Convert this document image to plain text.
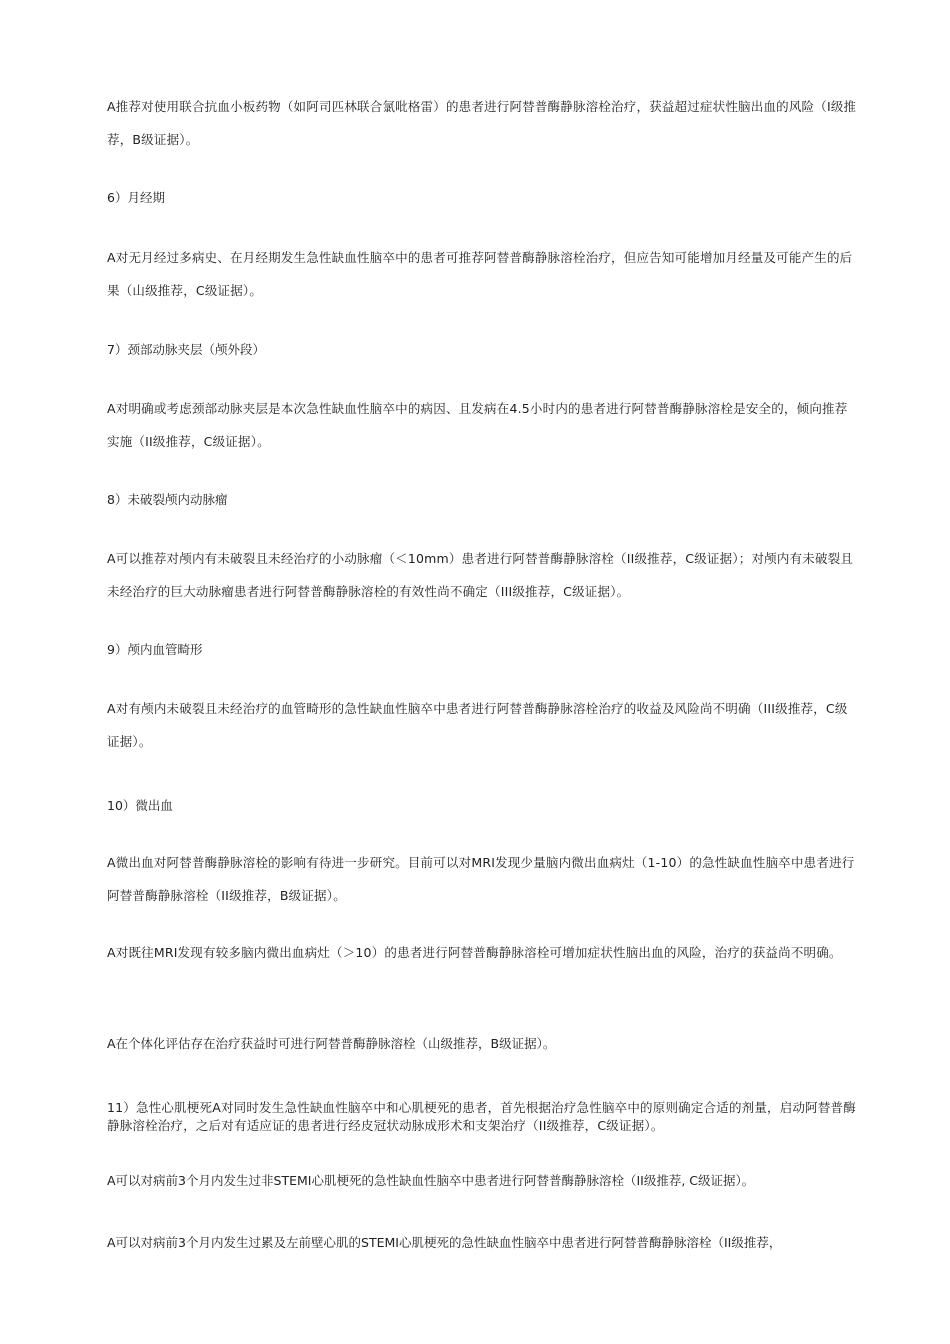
A推荐对使用联合抗血小板药物（如阿司匹林联合氯吡格雷）的患者进行阿替普酶静脉溶栓治疗，获益超过症状性脑出血的风险（I级推荐，B级证据）。

6）月经期

A对无月经过多病史、在月经期发生急性缺血性脑卒中的患者可推荐阿替普酶静脉溶栓治疗，但应告知可能增加月经量及可能产生的后果（山级推荐，C级证据）。

7）颈部动脉夹层（颅外段）

A对明确或考虑颈部动脉夹层是本次急性缺血性脑卒中的病因、且发病在4.5小时内的患者进行阿替普酶静脉溶栓是安全的，倾向推荐实施（II级推荐，C级证据）。

8）未破裂颅内动脉瘤

A可以推荐对颅内有未破裂且未经治疗的小动脉瘤（＜10mm）患者进行阿替普酶静脉溶栓（II级推荐，C级证据）；对颅内有未破裂且未经治疗的巨大动脉瘤患者进行阿替普酶静脉溶栓的有效性尚不确定（III级推荐，C级证据）。

9）颅内血管畸形

A对有颅内未破裂且未经治疗的血管畸形的急性缺血性脑卒中患者进行阿替普酶静脉溶栓治疗的收益及风险尚不明确（III级推荐，C级证据）。

10）微出血

A微出血对阿替普酶静脉溶栓的影响有待进一步研究。目前可以对MRI发现少量脑内微出血病灶（1-10）的急性缺血性脑卒中患者进行阿替普酶静脉溶栓（II级推荐，B级证据）。

A对既往MRI发现有较多脑内微出血病灶（＞10）的患者进行阿替普酶静脉溶栓可增加症状性脑出血的风险，治疗的获益尚不明确。

A在个体化评估存在治疗获益时可进行阿替普酶静脉溶栓（山级推荐，B级证据）。

11）急性心肌梗死A对同时发生急性缺血性脑卒中和心肌梗死的患者，首先根据治疗急性脑卒中的原则确定合适的剂量，启动阿替普酶静脉溶栓治疗，之后对有适应证的患者进行经皮冠状动脉成形术和支架治疗（II级推荐，C级证据）。

A可以对病前3个月内发生过非STEMI心肌梗死的急性缺血性脑卒中患者进行阿替普酶静脉溶栓（II级推荐, C级证据）。

A可以对病前3个月内发生过累及左前壁心肌的STEMI心肌梗死的急性缺血性脑卒中患者进行阿替普酶静脉溶栓（II级推荐，
